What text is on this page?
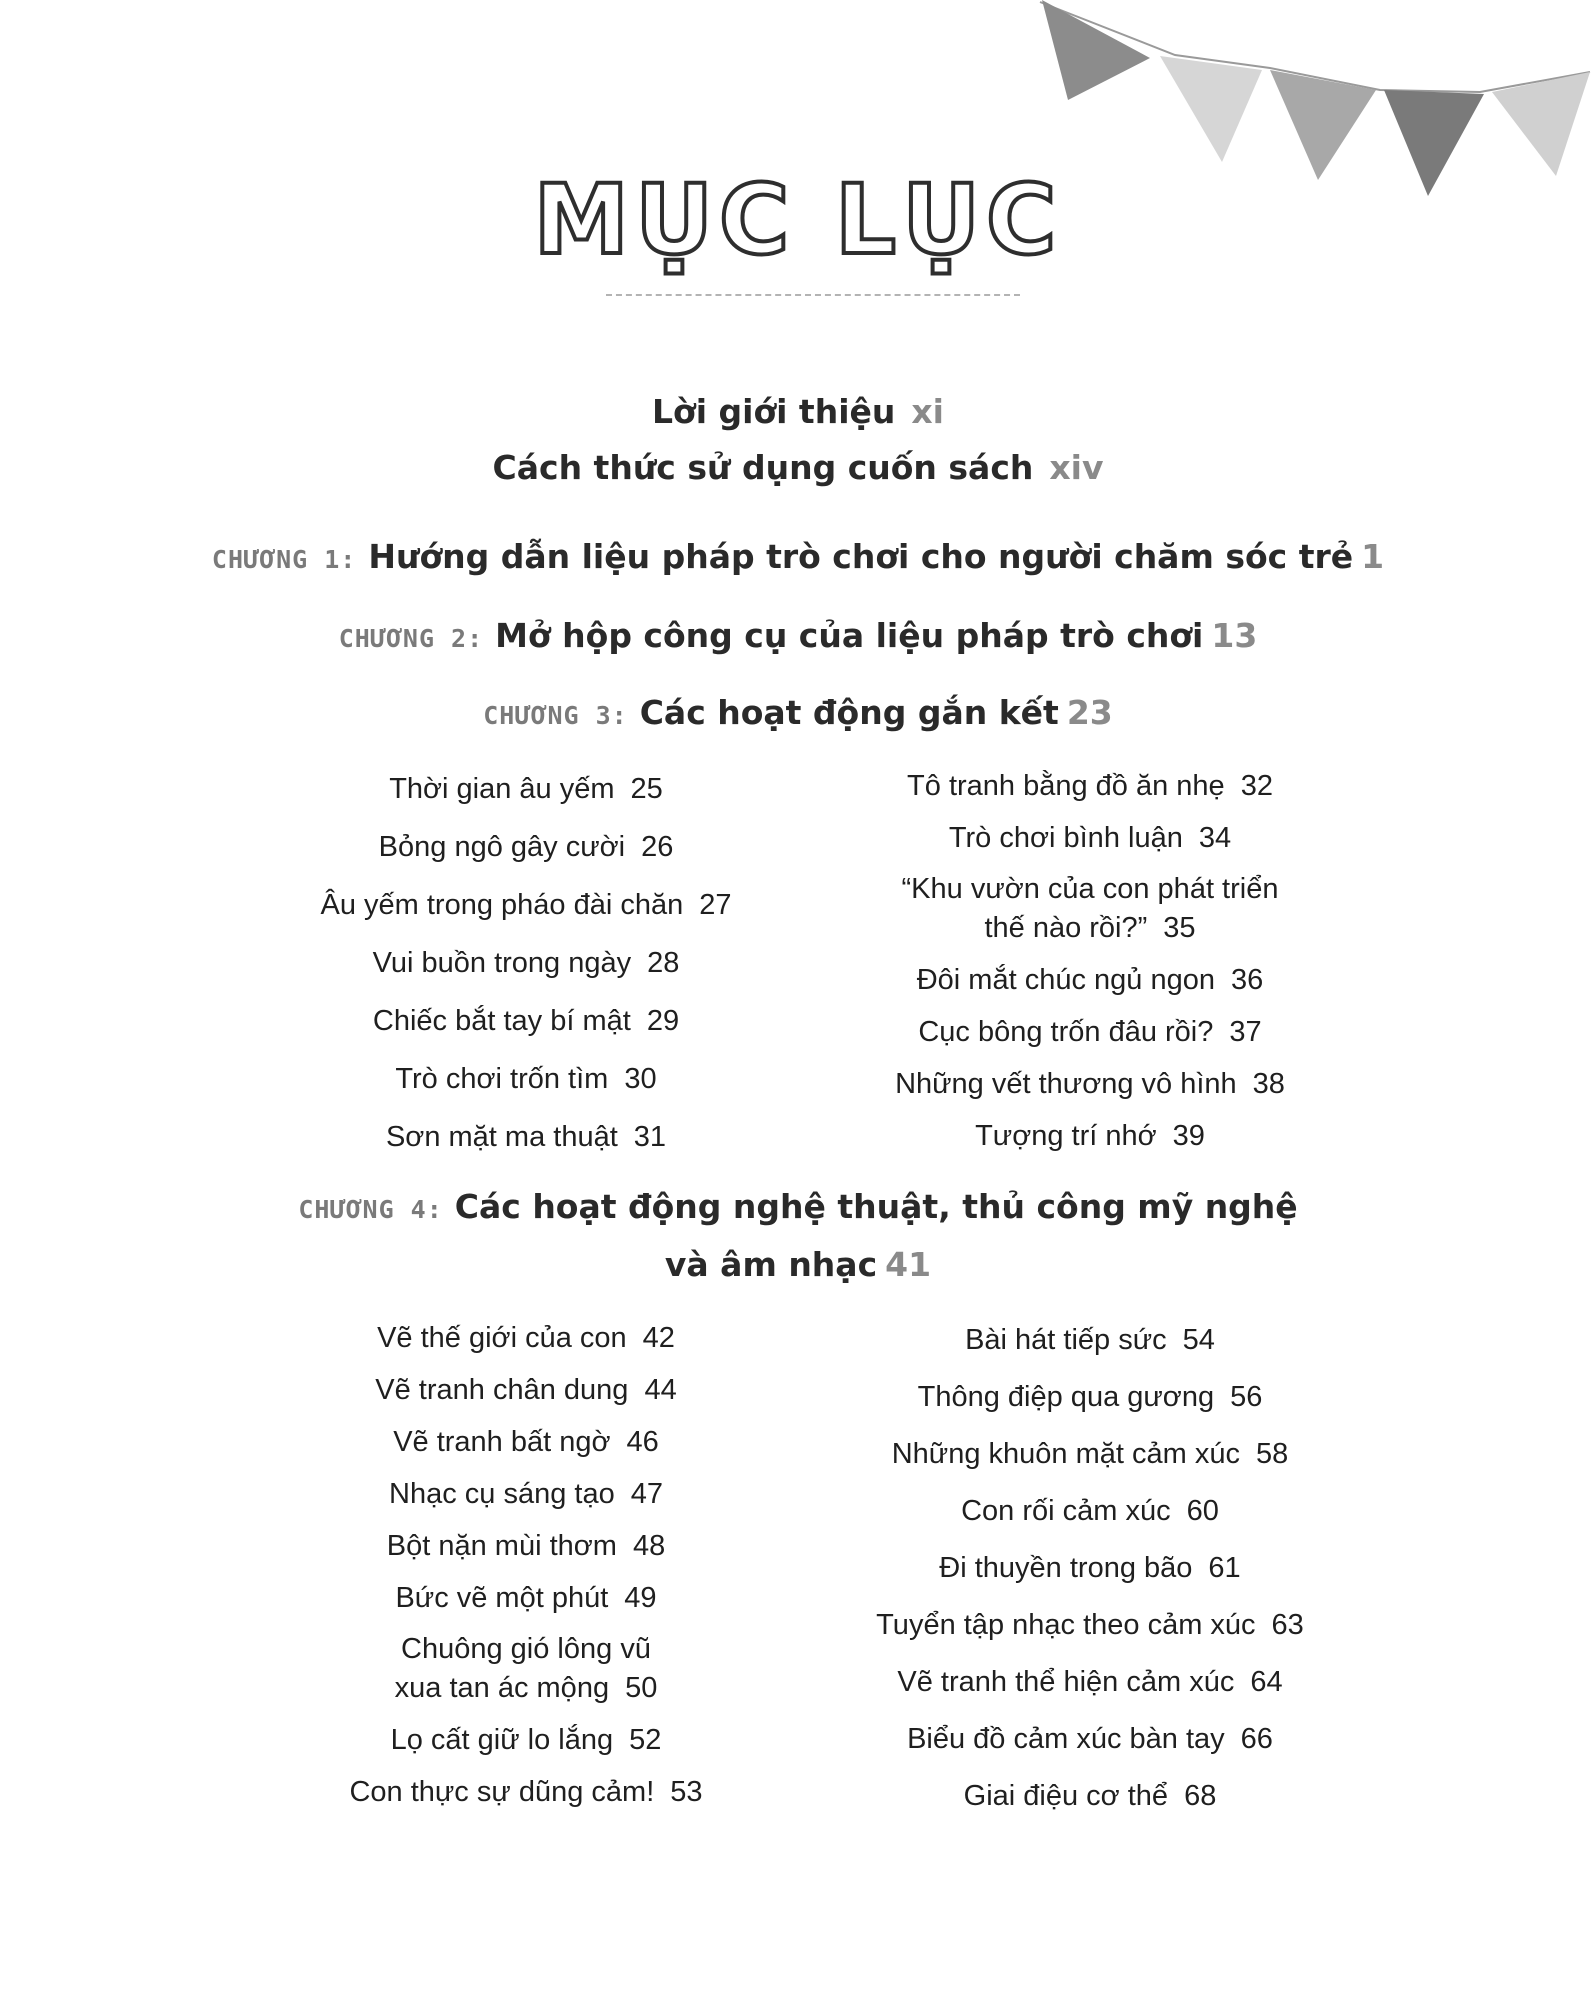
MỤC LỤC
Lời giới thiệu xi
Cách thức sử dụng cuốn sách xiv
CHƯƠNG 1: Hướng dẫn liệu pháp trò chơi cho người chăm sóc trẻ 1
CHƯƠNG 2: Mở hộp công cụ của liệu pháp trò chơi 13
CHƯƠNG 3: Các hoạt động gắn kết 23
Thời gian âu yếm 25
Bỏng ngô gây cười 26
Âu yếm trong pháo đài chăn 27
Vui buồn trong ngày 28
Chiếc bắt tay bí mật 29
Trò chơi trốn tìm 30
Sơn mặt ma thuật 31
Tô tranh bằng đồ ăn nhẹ 32
Trò chơi bình luận 34
“Khu vườn của con phát triển
thế nào rồi?” 35
Đôi mắt chúc ngủ ngon 36
Cục bông trốn đâu rồi? 37
Những vết thương vô hình 38
Tượng trí nhớ 39
CHƯƠNG 4: Các hoạt động nghệ thuật, thủ công mỹ nghệ
và âm nhạc 41
Vẽ thế giới của con 42
Vẽ tranh chân dung 44
Vẽ tranh bất ngờ 46
Nhạc cụ sáng tạo 47
Bột nặn mùi thơm 48
Bức vẽ một phút 49
Chuông gió lông vũ
xua tan ác mộng 50
Lọ cất giữ lo lắng 52
Con thực sự dũng cảm! 53
Bài hát tiếp sức 54
Thông điệp qua gương 56
Những khuôn mặt cảm xúc 58
Con rối cảm xúc 60
Đi thuyền trong bão 61
Tuyển tập nhạc theo cảm xúc 63
Vẽ tranh thể hiện cảm xúc 64
Biểu đồ cảm xúc bàn tay 66
Giai điệu cơ thể 68
